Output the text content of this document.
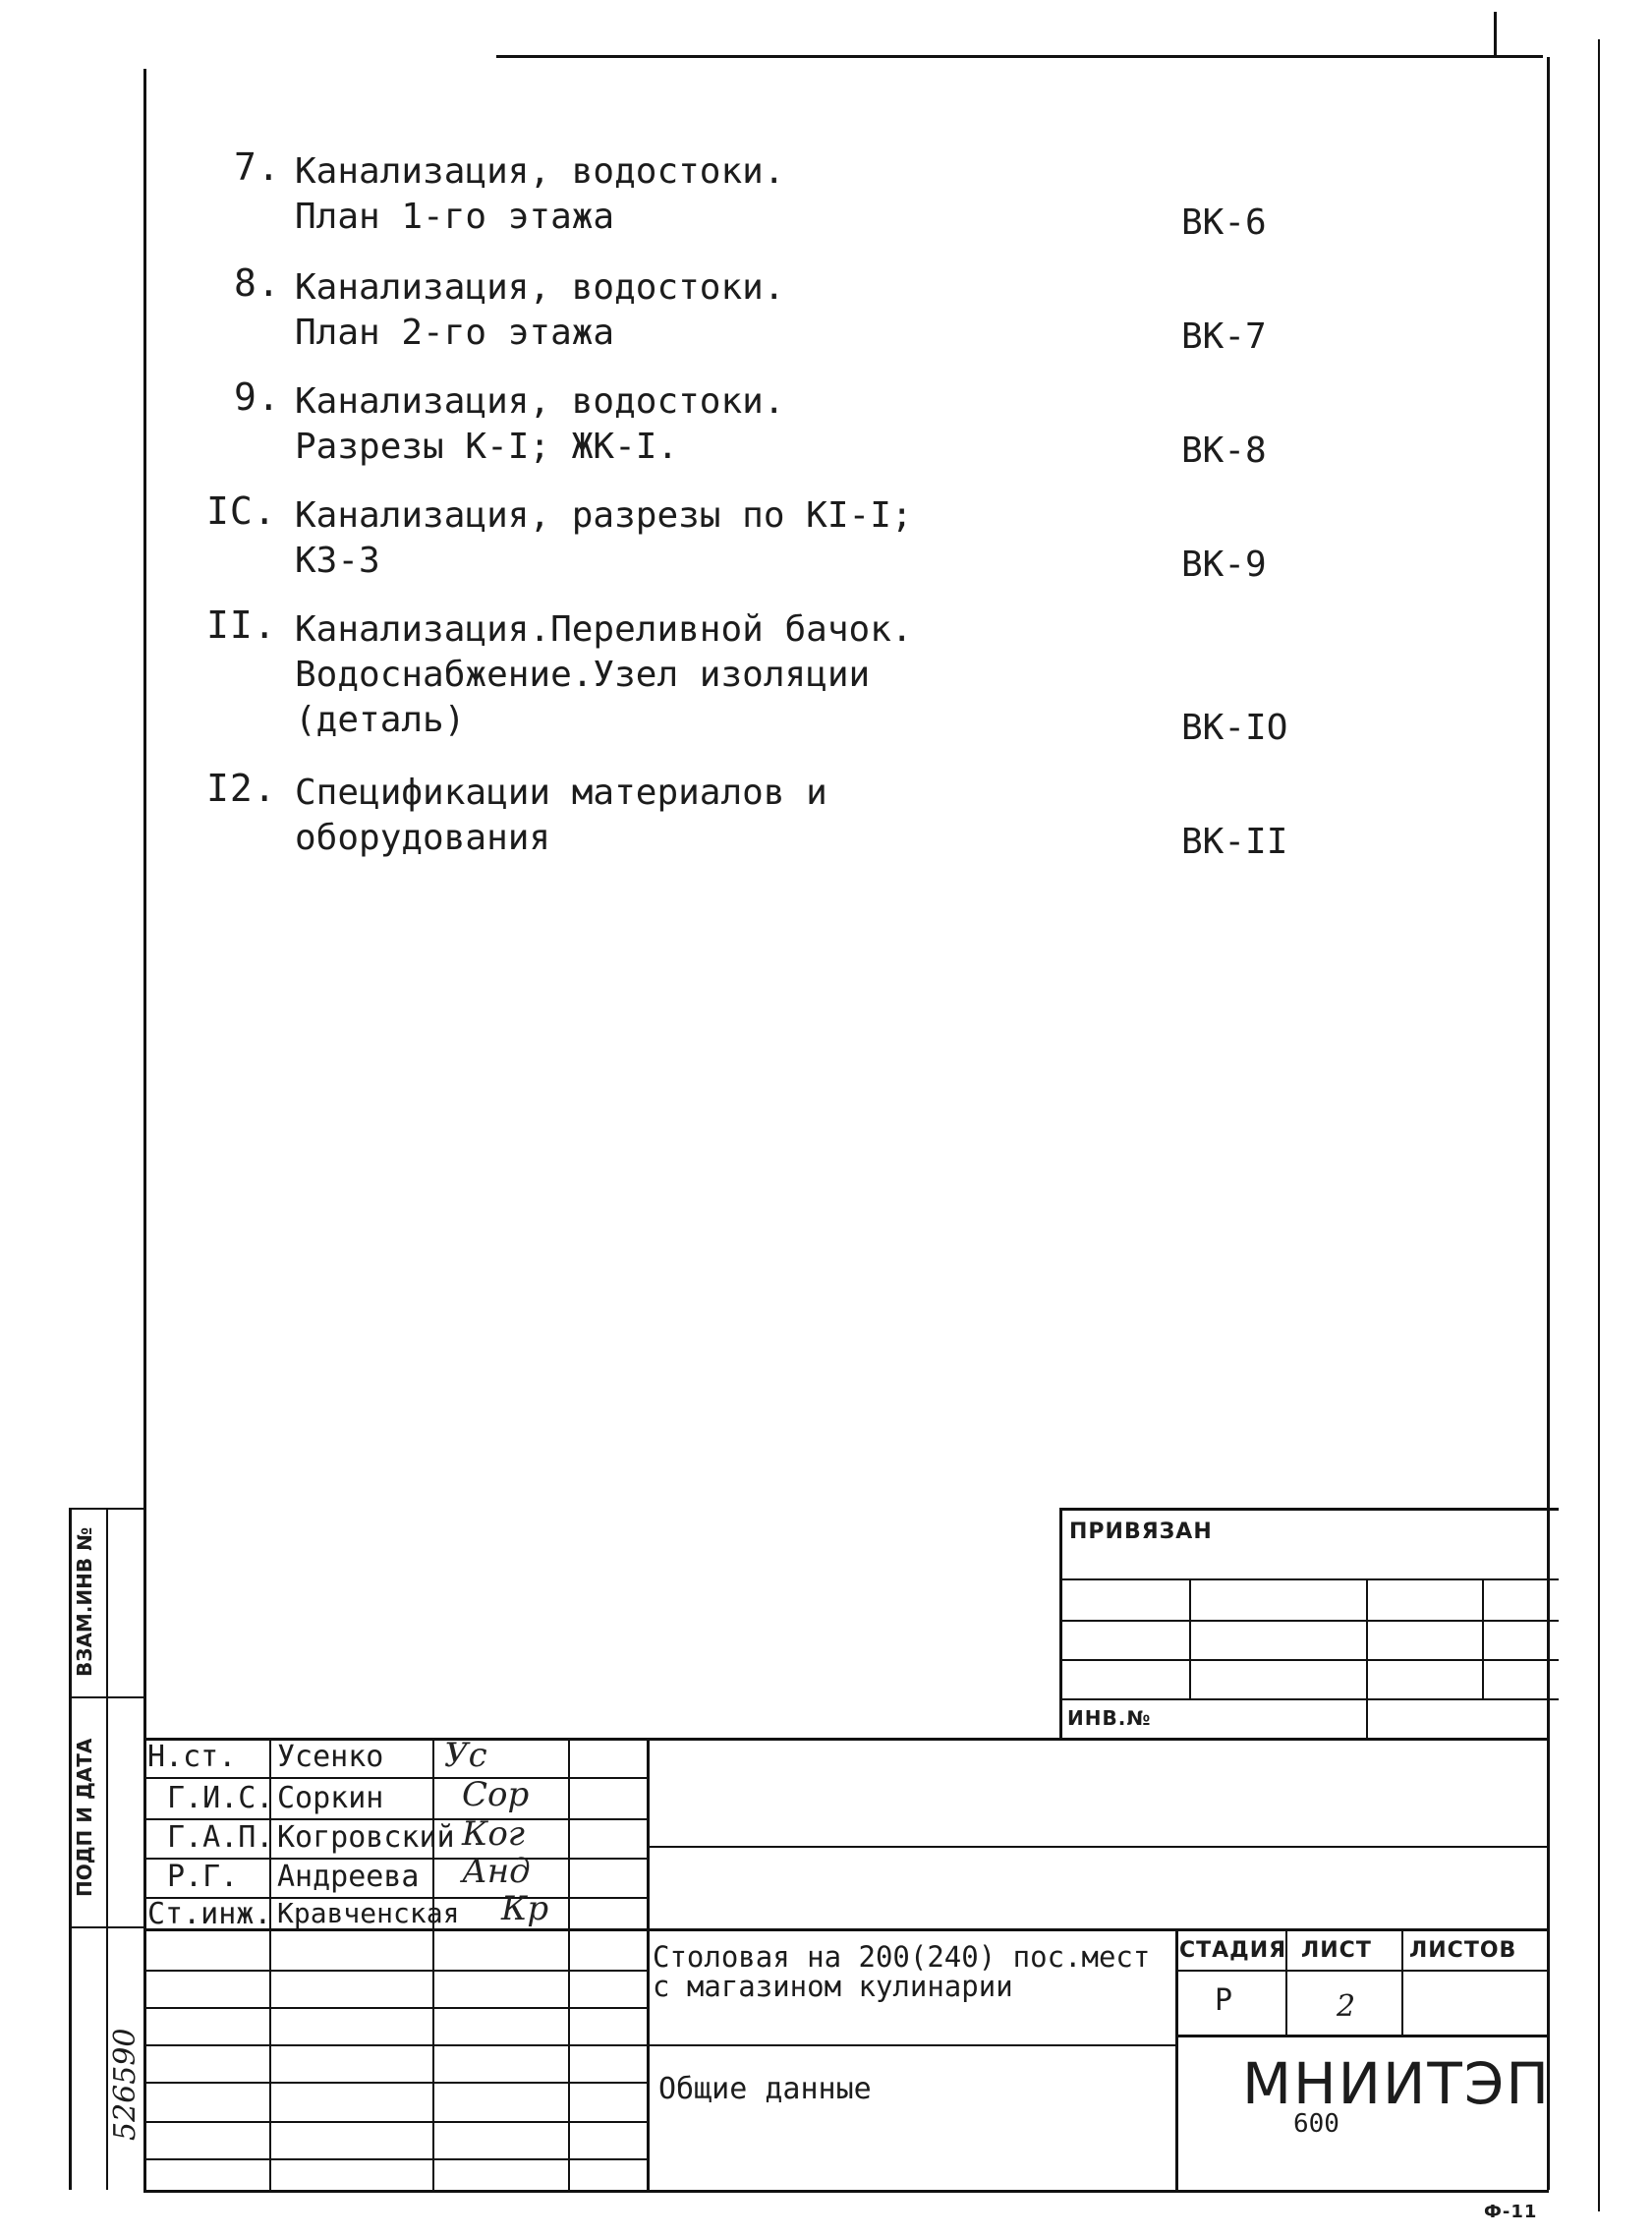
7. Канализация, водостоки.
План 1-го этажа	ВК-6
8. Канализация, водостоки.
План 2-го этажа	ВК-7
9. Канализация, водостоки.
Разрезы К-I; ЖК-I.	ВК-8
IC. Канализация, разрезы по КI-I;
К3-3	ВК-9
II. Канализация.Переливной бачок.
Водоснабжение.Узел изоляции
(деталь)	ВК-IO
I2. Спецификации материалов и
оборудования	ВК-II
ПРИВЯЗАН
ИНВ.№
ВЗАМ.ИНВ №
ПОДП И ДАТА
526590
Н.ст. Усенко Ус
Г.И.С. Соркин Сор
Г.А.П. Когровский Ког
Р.Г. Андреева Анд
Ст.инж. Кравченская Кр
Столовая на 200(240) пос.мест с магазином кулинарии
Общие данные
СТАДИЯ ЛИСТ ЛИСТОВ
Р	2
МНИИТЭП
600
Ф-11
